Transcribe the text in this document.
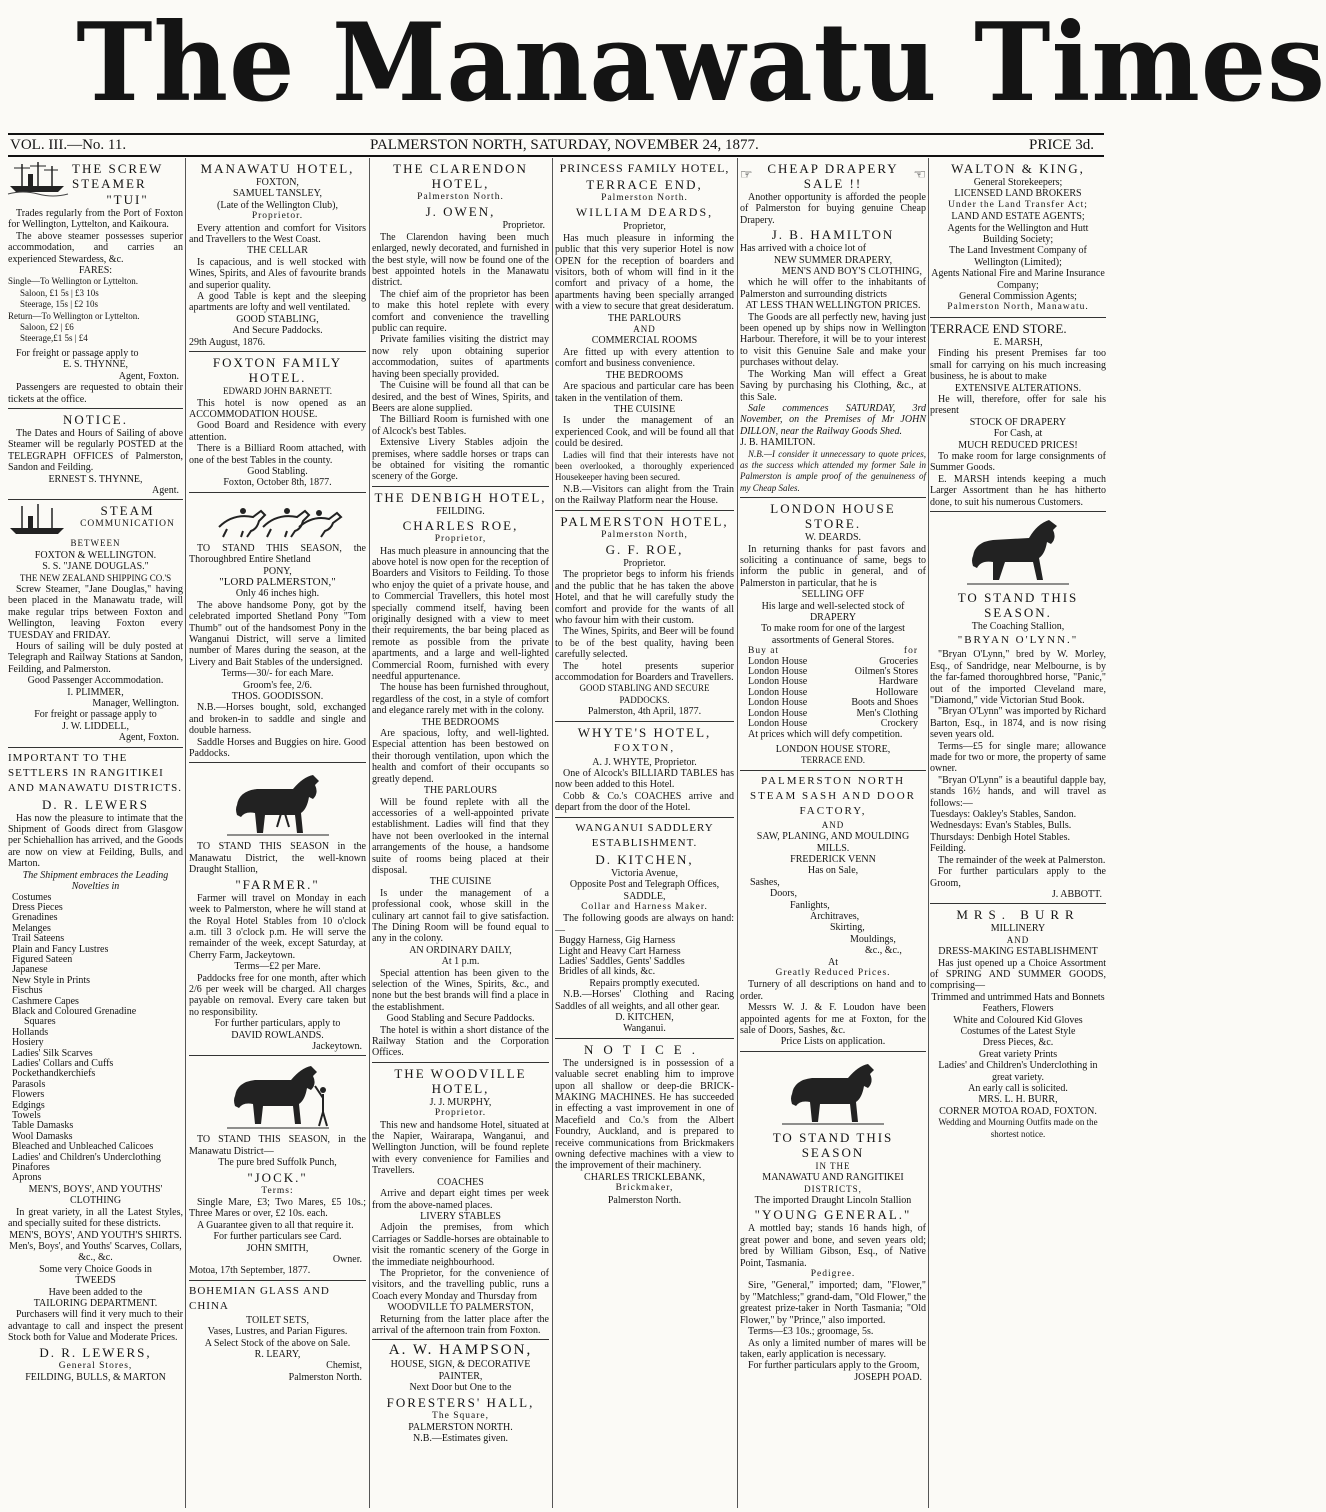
The Manawatu Times
VOL. III.—No. 11.	PALMERSTON NORTH, SATURDAY, NOVEMBER 24, 1877.	PRICE 3d.
THE SCREW STEAMER
"TUI"
Trades regularly from the Port of Foxton for Wellington, Lyttelton, and Kaikoura.
The above steamer possesses superior accommodation, and carries an experienced Stewardess, &c.
FARES:
Single—To Wellington or Lyttelton.
Saloon, £1 5s | £3 10s
Steerage, 15s | £2 10s
Return—To Wellington or Lyttelton.
Saloon, £2 | £6
Steerage,£1 5s | £4
For freight or passage apply to
E. S. THYNNE,
Agent, Foxton.
Passengers are requested to obtain their tickets at the office.
NOTICE.
The Dates and Hours of Sailing of above Steamer will be regularly POSTED at the TELEGRAPH OFFICES of Palmerston, Sandon and Feilding.
ERNEST S. THYNNE,
Agent.
STEAM
COMMUNICATION
BETWEEN
FOXTON & WELLINGTON.
S. S. "JANE DOUGLAS."
THE NEW ZEALAND SHIPPING CO.'S
Screw Steamer, "Jane Douglas," having been placed in the Manawatu trade, will make regular trips between Foxton and Wellington, leaving Foxton every TUESDAY and FRIDAY.
Hours of sailing will be duly posted at Telegraph and Railway Stations at Sandon, Feilding, and Palmerston.
Good Passenger Accommodation.
I. PLIMMER,
Manager, Wellington.
For freight or passage apply to
J. W. LIDDELL,
Agent, Foxton.
IMPORTANT TO THE SETTLERS IN RANGITIKEI AND MANAWATU DISTRICTS.
D. R. LEWERS
Has now the pleasure to intimate that the Shipment of Goods direct from Glasgow per Schiehallion has arrived, and the Goods are now on view at Feilding, Bulls, and Marton.
The Shipment embraces the Leading Novelties in
Costumes
Dress Pieces
Grenadines
Melanges
Trail Sateens
Plain and Fancy Lustres
Figured Sateen
Japanese
New Style in Prints
Fischus
Cashmere Capes
Black and Coloured Grenadine
Squares
Hollands
Hosiery
Ladies' Silk Scarves
Ladies' Collars and Cuffs
Pockethandkerchiefs
Parasols
Flowers
Edgings
Towels
Table Damasks
Wool Damasks
Bleached and Unbleached Calicoes
Ladies' and Children's Underclothing
Pinafores
Aprons
MEN'S, BOYS', AND YOUTHS' CLOTHING
In great variety, in all the Latest Styles, and specially suited for these districts.
MEN'S, BOYS', AND YOUTH'S SHIRTS.
Men's, Boys', and Youths' Scarves, Collars, &c., &c.
Some very Choice Goods in
TWEEDS
Have been added to the
TAILORING DEPARTMENT.
Purchasers will find it very much to their advantage to call and inspect the present Stock both for Value and Moderate Prices.
D. R. LEWERS,
General Stores,
FEILDING, BULLS, & MARTON
MANAWATU HOTEL,
FOXTON,
SAMUEL TANSLEY,
(Late of the Wellington Club),
Proprietor.
Every attention and comfort for Visitors and Travellers to the West Coast.
THE CELLAR
Is capacious, and is well stocked with Wines, Spirits, and Ales of favourite brands and superior quality.
A good Table is kept and the sleeping apartments are lofty and well ventilated.
GOOD STABLING,
And Secure Paddocks.
29th August, 1876.
FOXTON FAMILY HOTEL.
EDWARD JOHN BARNETT.
This hotel is now opened as an ACCOMMODATION HOUSE.
Good Board and Residence with every attention.
There is a Billiard Room attached, with one of the best Tables in the county.
Good Stabling.
Foxton, October 8th, 1877.
TO STAND THIS SEASON, the Thoroughbred Entire Shetland
PONY,
"LORD PALMERSTON,"
Only 46 inches high.
The above handsome Pony, got by the celebrated imported Shetland Pony "Tom Thumb" out of the handsomest Pony in the Wanganui District, will serve a limited number of Mares during the season, at the Livery and Bait Stables of the undersigned.
Terms—30/- for each Mare.
Groom's fee, 2/6.
THOS. GOODISSON.
N.B.—Horses bought, sold, exchanged and broken-in to saddle and single and double harness.
Saddle Horses and Buggies on hire. Good Paddocks.
TO STAND THIS SEASON in the Manawatu District, the well-known Draught Stallion,
"FARMER."
Farmer will travel on Monday in each week to Palmerston, where he will stand at the Royal Hotel Stables from 10 o'clock a.m. till 3 o'clock p.m. He will serve the remainder of the week, except Saturday, at Cherry Farm, Jackeytown.
Terms—£2 per Mare.
Paddocks free for one month, after which 2/6 per week will be charged. All charges payable on removal. Every care taken but no responsibility.
For further particulars, apply to
DAVID ROWLANDS.
Jackeytown.
TO STAND THIS SEASON, in the Manawatu District—
The pure bred Suffolk Punch,
"JOCK."
Terms:
Single Mare, £3; Two Mares, £5 10s.; Three Mares or over, £2 10s. each.
A Guarantee given to all that require it.
For further particulars see Card.
JOHN SMITH,
Owner.
Motoa, 17th September, 1877.
BOHEMIAN GLASS AND CHINA
TOILET SETS,
Vases, Lustres, and Parian Figures.
A Select Stock of the above on Sale.
R. LEARY,
Chemist,
Palmerston North.
THE CLARENDON HOTEL,
Palmerston North.
J. OWEN,
Proprietor.
The Clarendon having been much enlarged, newly decorated, and furnished in the best style, will now be found one of the best appointed hotels in the Manawatu district.
The chief aim of the proprietor has been to make this hotel replete with every comfort and convenience the travelling public can require.
Private families visiting the district may now rely upon obtaining superior accommodation, suites of apartments having been specially provided.
The Cuisine will be found all that can be desired, and the best of Wines, Spirits, and Beers are alone supplied.
The Billiard Room is furnished with one of Alcock's best Tables.
Extensive Livery Stables adjoin the premises, where saddle horses or traps can be obtained for visiting the romantic scenery of the Gorge.
THE DENBIGH HOTEL,
FEILDING.
CHARLES ROE,
Proprietor,
Has much pleasure in announcing that the above hotel is now open for the reception of Boarders and Visitors to Feilding. To those who enjoy the quiet of a private house, and to Commercial Travellers, this hotel most specially commend itself, having been originally designed with a view to meet their requirements, the bar being placed as remote as possible from the private apartments, and a large and well-lighted Commercial Room, furnished with every needful appurtenance.
The house has been furnished throughout, regardless of the cost, in a style of comfort and elegance rarely met with in the colony.
THE BEDROOMS
Are spacious, lofty, and well-lighted. Especial attention has been bestowed on their thorough ventilation, upon which the health and comfort of their occupants so greatly depend.
THE PARLOURS
Will be found replete with all the accessories of a well-appointed private establishment. Ladies will find that they have not been overlooked in the internal arrangements of the house, a handsome suite of rooms being placed at their disposal.
THE CUISINE
Is under the management of a professional cook, whose skill in the culinary art cannot fail to give satisfaction. The Dining Room will be found equal to any in the colony.
AN ORDINARY DAILY,
At 1 p.m.
Special attention has been given to the selection of the Wines, Spirits, &c., and none but the best brands will find a place in the establishment.
Good Stabling and Secure Paddocks.
The hotel is within a short distance of the Railway Station and the Corporation Offices.
THE WOODVILLE HOTEL,
J. J. MURPHY,
Proprietor.
This new and handsome Hotel, situated at the Napier, Wairarapa, Wanganui, and Wellington Junction, will be found replete with every convenience for Families and Travellers.
COACHES
Arrive and depart eight times per week from the above-named places.
LIVERY STABLES
Adjoin the premises, from which Carriages or Saddle-horses are obtainable to visit the romantic scenery of the Gorge in the immediate neighbourhood.
The Proprietor, for the convenience of visitors, and the travelling public, runs a Coach every Monday and Thursday from
WOODVILLE TO PALMERSTON,
Returning from the latter place after the arrival of the afternoon train from Foxton.
A. W. HAMPSON,
HOUSE, SIGN, & DECORATIVE PAINTER,
Next Door but One to the
FORESTERS' HALL,
The Square,
PALMERSTON NORTH.
N.B.—Estimates given.
PRINCESS FAMILY HOTEL,
TERRACE END,
Palmerston North.
WILLIAM DEARDS,
Proprietor,
Has much pleasure in informing the public that this very superior Hotel is now OPEN for the reception of boarders and visitors, both of whom will find in it the comfort and privacy of a home, the apartments having been specially arranged with a view to secure that great desideratum.
THE PARLOURS
AND
COMMERCIAL ROOMS
Are fitted up with every attention to comfort and business convenience.
THE BEDROOMS
Are spacious and particular care has been taken in the ventilation of them.
THE CUISINE
Is under the management of an experienced Cook, and will be found all that could be desired.
Ladies will find that their interests have not been overlooked, a thoroughly experienced Housekeeper having been secured.
N.B.—Visitors can alight from the Train on the Railway Platform near the House.
PALMERSTON HOTEL,
Palmerston North,
G. F. ROE,
Proprietor.
The proprietor begs to inform his friends and the public that he has taken the above Hotel, and that he will carefully study the comfort and provide for the wants of all who favour him with their custom.
The Wines, Spirits, and Beer will be found to be of the best quality, having been carefully selected.
The hotel presents superior accommodation for Boarders and Travellers.
GOOD STABLING AND SECURE PADDOCKS.
Palmerston, 4th April, 1877.
WHYTE'S HOTEL,
FOXTON,
A. J. WHYTE, Proprietor.
One of Alcock's BILLIARD TABLES has now been added to this Hotel.
Cobb & Co.'s COACHES arrive and depart from the door of the Hotel.
WANGANUI SADDLERY ESTABLISHMENT.
D. KITCHEN,
Victoria Avenue,
Opposite Post and Telegraph Offices,
SADDLE,
Collar and Harness Maker.
The following goods are always on hand:—
Buggy Harness, Gig Harness
Light and Heavy Cart Harness
Ladies' Saddles, Gents' Saddles
Bridles of all kinds, &c.
Repairs promptly executed.
N.B.—Horses' Clothing and Racing Saddles of all weights, and all other gear.
D. KITCHEN,
Wanganui.
NOTICE.
The undersigned is in possession of a valuable secret enabling him to improve upon all shallow or deep-die BRICK-MAKING MACHINES. He has succeeded in effecting a vast improvement in one of Macefield and Co.'s from the Albert Foundry, Auckland, and is prepared to receive communications from Brickmakers owning defective machines with a view to the improvement of their machinery.
CHARLES TRICKLEBANK,
Brickmaker,
Palmerston North.
☞	CHEAP DRAPERY SALE !!
☜
Another opportunity is afforded the people of Palmerston for buying genuine Cheap Drapery.
J. B. HAMILTON
Has arrived with a choice lot of
NEW SUMMER DRAPERY,
MEN'S AND BOY'S CLOTHING,
which he will offer to the inhabitants of Palmerston and surrounding districts
AT LESS THAN WELLINGTON PRICES.
The Goods are all perfectly new, having just been opened up by ships now in Wellington Harbour. Therefore, it will be to your interest to visit this Genuine Sale and make your purchases without delay.
The Working Man will effect a Great Saving by purchasing his Clothing, &c., at this Sale.
Sale commences SATURDAY, 3rd November, on the Premises of Mr JOHN DILLON, near the Railway Goods Shed.
J. B. HAMILTON.
N.B.—I consider it unnecessary to quote prices, as the success which attended my former Sale in Palmerston is ample proof of the genuineness of my Cheap Sales.
LONDON HOUSE STORE.
W. DEARDS.
In returning thanks for past favors and soliciting a continuance of same, begs to inform the public in general, and of Palmerston in particular, that he is
SELLING OFF
His large and well-selected stock of
DRAPERY
To make room for one of the largest assortments of General Stores.
Buy at	for
London House	Groceries
London House	Oilmen's Stores
London House	Hardware
London House	Holloware
London House	Boots and Shoes
London House	Men's Clothing
London House	Crockery
At prices which will defy competition.
LONDON HOUSE STORE,
TERRACE END.
PALMERSTON NORTH STEAM SASH AND DOOR FACTORY,
AND
SAW, PLANING, AND MOULDING MILLS.
FREDERICK VENN
Has on Sale,
Sashes,
Doors,
Fanlights,
Architraves,
Skirting,
Mouldings,
&c., &c.,
At
Greatly Reduced Prices.
Turnery of all descriptions on hand and to order.
Messrs W. J. & F. Loudon have been appointed agents for me at Foxton, for the sale of Doors, Sashes, &c.
Price Lists on application.
TO STAND THIS SEASON
IN THE
MANAWATU AND RANGITIKEI
DISTRICTS,
The imported Draught Lincoln Stallion
"YOUNG GENERAL."
A mottled bay; stands 16 hands high, of great power and bone, and seven years old; bred by William Gibson, Esq., of Native Point, Tasmania.
Pedigree.
Sire, "General," imported; dam, "Flower," by "Matchless;" grand-dam, "Old Flower," the greatest prize-taker in North Tasmania; "Old Flower," by "Prince," also imported.
Terms—£3 10s.; groomage, 5s.
As only a limited number of mares will be taken, early application is necessary.
For further particulars apply to the Groom,
JOSEPH POAD.
WALTON & KING,
General Storekeepers;
LICENSED LAND BROKERS
Under the Land Transfer Act;
LAND AND ESTATE AGENTS;
Agents for the Wellington and Hutt Building Society;
The Land Investment Company of Wellington (Limited);
Agents National Fire and Marine Insurance Company;
General Commission Agents;
Palmerston North, Manawatu.
TERRACE END STORE.
E. MARSH,
Finding his present Premises far too small for carrying on his much increasing business, he is about to make
EXTENSIVE ALTERATIONS.
He will, therefore, offer for sale his present
STOCK OF DRAPERY
For Cash, at
MUCH REDUCED PRICES!
To make room for large consignments of Summer Goods.
E. MARSH intends keeping a much Larger Assortment than he has hitherto done, to suit his numerous Customers.
TO STAND THIS SEASON.
The Coaching Stallion,
"BRYAN O'LYNN."
"Bryan O'Lynn," bred by W. Morley, Esq., of Sandridge, near Melbourne, is by the far-famed thoroughbred horse, "Panic," out of the imported Cleveland mare, "Diamond," vide Victorian Stud Book.
"Bryan O'Lynn" was imported by Richard Barton, Esq., in 1874, and is now rising seven years old.
Terms—£5 for single mare; allowance made for two or more, the property of same owner.
"Bryan O'Lynn" is a beautiful dapple bay, stands 16½ hands, and will travel as follows:—
Tuesdays: Oakley's Stables, Sandon.
Wednesdays: Evan's Stables, Bulls.
Thursdays: Denbigh Hotel Stables. Feilding.
The remainder of the week at Palmerston.
For further particulars apply to the Groom,
J. ABBOTT.
MRS. BURR
MILLINERY
AND
DRESS-MAKING ESTABLISHMENT
Has just opened up a Choice Assortment of SPRING AND SUMMER GOODS, comprising—
Trimmed and untrimmed Hats and Bonnets
Feathers, Flowers
White and Coloured Kid Gloves
Costumes of the Latest Style
Dress Pieces, &c.
Great variety Prints
Ladies' and Children's Underclothing in great variety.
An early call is solicited.
MRS. L. H. BURR,
CORNER MOTOA ROAD, FOXTON.
Wedding and Mourning Outfits made on the shortest notice.
